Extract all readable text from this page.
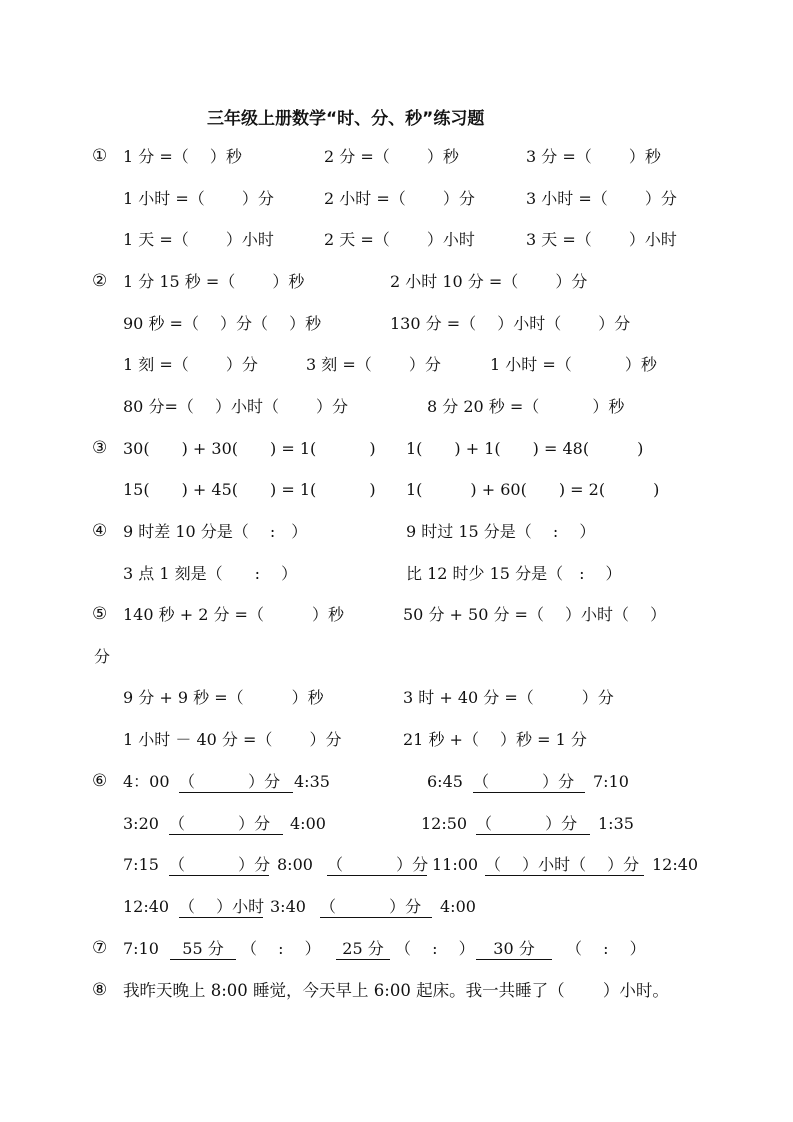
三年级上册数学“时、分、秒”练习题
① 1 分 =（　 ）秒	2 分 =（　　 ）秒	3 分 =（　　 ）秒
1 小时 =（　　 ）分	2 小时 =（　　 ）分	3 小时 =（　　 ）分
1 天 =（　　 ）小时	2 天 =（　　 ）小时	3 天 =（　　 ）小时
② 1 分 15 秒 =（　　 ）秒	2 小时 10 分 =（　　 ）分
90 秒 =（　 ）分（　 ）秒	130 分 =（　 ）小时（　　 ）分
1 刻 =（　　 ）分	3 刻 =（　　 ）分	1 小时 =（　　　 ）秒
80 分=（　 ）小时（　　 ）分	8 分 20 秒 =（　　　 ）秒
③ 30(　　) + 30(　　) = 1(　　　 ) 1(　　) + 1(　　) = 48(　　　)
15(　　) + 45(　　) = 1(　　　 ) 1(　　　) + 60(　　) = 2(　　　)
④ 9 时差 10 分是（　 :　）	9 时过 15 分是（　 :　 ）
3 点 1 刻是（　　:　 ）	比 12 时少 15 分是（　:　 ）
⑤ 140 秒 + 2 分 =（　　　）秒	50 分 + 50 分 =（　 ）小时（　 ）
分
9 分 + 9 秒 =（　　　）秒	3 时 + 40 分 =（　　　）分
1 小时 － 40 分 =（　　 ）分	21 秒 +（　 ）秒 = 1 分
⑥ 4：00 （　　　 ）分 4:35	6:45 （　　　 ）分	7:10
3:20 （　　　 ）分	4:00	12:50 （　　　 ）分	1:35
7:15 （　　　 ）分 8:00 （　　　 ）分 11:00 （　 ）小时（　 ）分 12:40
12:40 （　 ）小时 3:40 （　　　 ）分	4:00
⑦ 7:10	55 分	（　 :　 ）	25 分 （　 :　 ）	30 分	（　 :　 ）
⑧ 我昨天晚上 8:00 睡觉，今天早上 6:00 起床。我一共睡了（　　 ）小时。
